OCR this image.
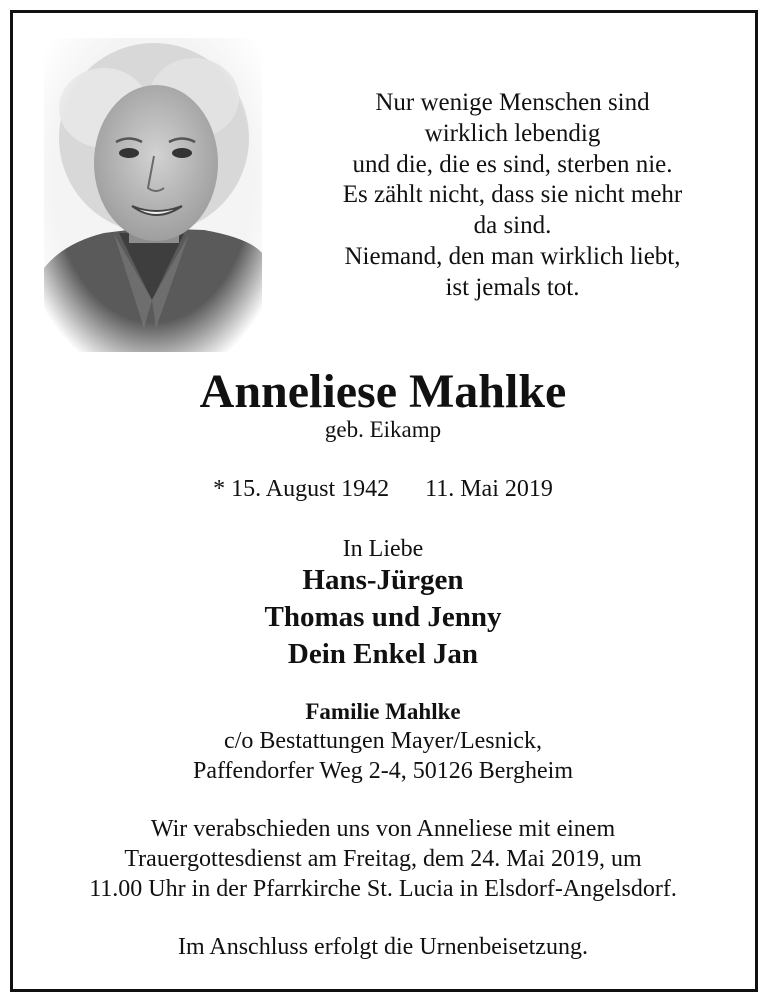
Nur wenige Menschen sind
wirklich lebendig
und die, die es sind, sterben nie.
Es zählt nicht, dass sie nicht mehr
da sind.
Niemand, den man wirklich liebt,
ist jemals tot.
Anneliese Mahlke
geb. Eikamp
* 15. August 1942 11. Mai 2019
In Liebe
Hans-Jürgen
Thomas und Jenny
Dein Enkel Jan
Familie Mahlke
c/o Bestattungen Mayer/Lesnick,
Paffendorfer Weg 2-4, 50126 Bergheim
Wir verabschieden uns von Anneliese mit einem
Trauergottesdienst am Freitag, dem 24. Mai 2019, um
11.00 Uhr in der Pfarrkirche St. Lucia in Elsdorf-Angelsdorf.
Im Anschluss erfolgt die Urnenbeisetzung.
